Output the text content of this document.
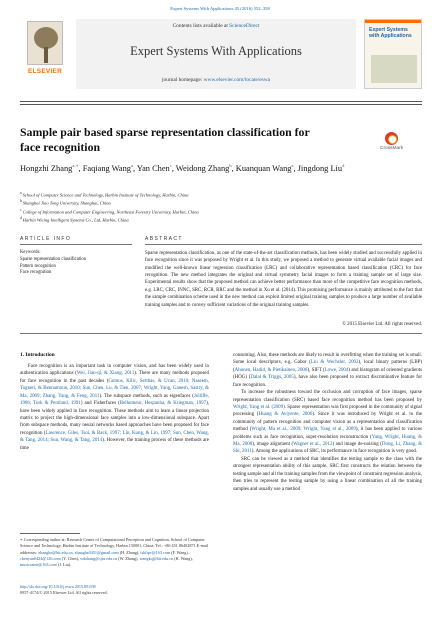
Expert Systems With Applications 45 (2016) 352–358
ELSEVIER
Contents lists available at ScienceDirect
Expert Systems With Applications
journal homepage: www.elsevier.com/locate/eswa
Expert Systems with Applications
Sample pair based sparse representation classification for face recognition	CrossMark
Hongzhi Zhang$^{a,∗}$, Faqiang Wang$^a$, Yan Chen$^c$, Weidong Zhang$^b$, Kuanquan Wang$^a$, Jingdong Liu$^d$
$^a$School of Computer Science and Technology, Harbin Institute of Technology, Harbin, China
$^b$Shanghai Jiao Tong University, Shanghai, China
$^c$College of Information and Computer Engineering, Northeast Forestry University, Harbin, China
$^d$Harbin Wicing Intelligent Systems Co., Ltd, Harbin, China
ARTICLE INFO	ABSTRACT
Keywords:
Sparse representation classification
Pattern recognition
Face recognition
Sparse representation classification, as one of the state-of-the-art classification methods, has been widely studied and successfully applied in face recognition since it was proposed by Wright et al. In this study, we proposed a method to generate virtual available facial images and modified the well-known linear regression classification (LRC) and collaborative representation based classification (CRC) for face recognition. The new method integrates the original and virtual symmetry facial images to form a training sample set of large size. Experimental results show that the proposed method can achieve better performance than more of the competitive face recognition methods, e.g. LRC, CRC, INNC, SRC, RCR, RRC and the method in Xu et al. (2014). This promising performance is mainly attributed to the fact that the sample combination scheme used in the new method can exploit limited original training samples to produce a large number of available training samples and to convey sufficient variations of the original training samples.
© 2015 Elsevier Ltd. All rights reserved.
1. Introduction

Face recognition is an important task in computer vision, and has been widely used in authentication applications (Wei, Jian-qi, & Xiang, 2011). There are many methods proposed for face recognition in the past decades (Gumus, Kilic, Sertbas, & Ucan, 2010; Naseem, Togneri, & Bennamoun, 2010; Sun, Chen, Lu, & Tien, 2007; Wright, Yang, Ganesh, Sastry, & Ma, 2009; Zhang, Yang, & Feng, 2011). The subspace methods, such as eigenfaces (Jolliffe, 1986; Turk & Pentland, 1991) and Fisherfaces (Belhumeur, Hespanha, & Kriegman, 1997), have been widely applied in face recognition. These methods aim to learn a linear projection matrix to project the high-dimensional face samples into a low-dimensional subspace. Apart from subspace methods, many neural networks based approaches have been proposed for face recognition (Lawrence, Giles, Tsoi, & Back, 1997; Lin, Kung, & Lin, 1997; Sun, Chen, Wang, & Tang, 2014; Sun, Wang, & Tang, 2014). However, the training process of these methods are time

consuming. Also, these methods are likely to result in overfitting when the training set is small. Some local descriptors, e.g. Gabor (Liu & Wechsler, 2002), local binary patterns (LBP) (Ahonen, Hadid, & Pietikainen, 2006), SIFT (Lowe, 2004) and histogram of oriented gradients (HOG) (Dalal & Triggs, 2005), have also been proposed to extract discriminative feature for face recognition.

To increase the robustness toward the occlusion and corruption of face images, sparse representation classification (SRC) based face recognition method has been proposed by Wright, Yang et al. (2009). Sparse representation was first proposed in the community of signal processing (Huang & Aviyente, 2006). Since it was introduced by Wright et al. to the community of pattern recognition and computer vision as a representation and classification method (Wright, Ma et al., 2009; Wright, Yang et al., 2009), it has been applied to various problems such as face recognition, super-resolution reconstruction (Yang, Wright, Huang, & Ma, 2008), image alignment (Wagner et al., 2012) and image de-noising (Dong, Li, Zhang, & Shi, 2011). Among the applications of SRC, its performance in face recognition is very good.

SRC can be viewed as a method that identifies the testing sample to the class with the strongest representation ability of this sample. SRC first constructs the relation between the testing sample and all the training samples from the viewpoint of constraint regression analysis, then tries to represent the testing sample by using a linear combination of all the training samples and usually use a method

∗ Corresponding author at: Research Center of Computational Perception and Cognition, School of Computer Science and Technology, Harbin Institute of Technology, Harbin 150001, China. Tel.: +86 451 86402871.E-mail addresses: zhanghz@hit.edu.cn, zhanghz0451@gmail.com (H. Zhang), tshfqw@163.com (F. Wang), chenyan0424@126.com (Y. Chen), wdzhang@sjtu.edu.cn (W. Zhang), wangkq@hit.edu.cn (K. Wang), musicraine@163.com (J. Liu).
http://dx.doi.org/10.1016/j.eswa.2015.09.058
0957-4174/© 2015 Elsevier Ltd. All rights reserved.
